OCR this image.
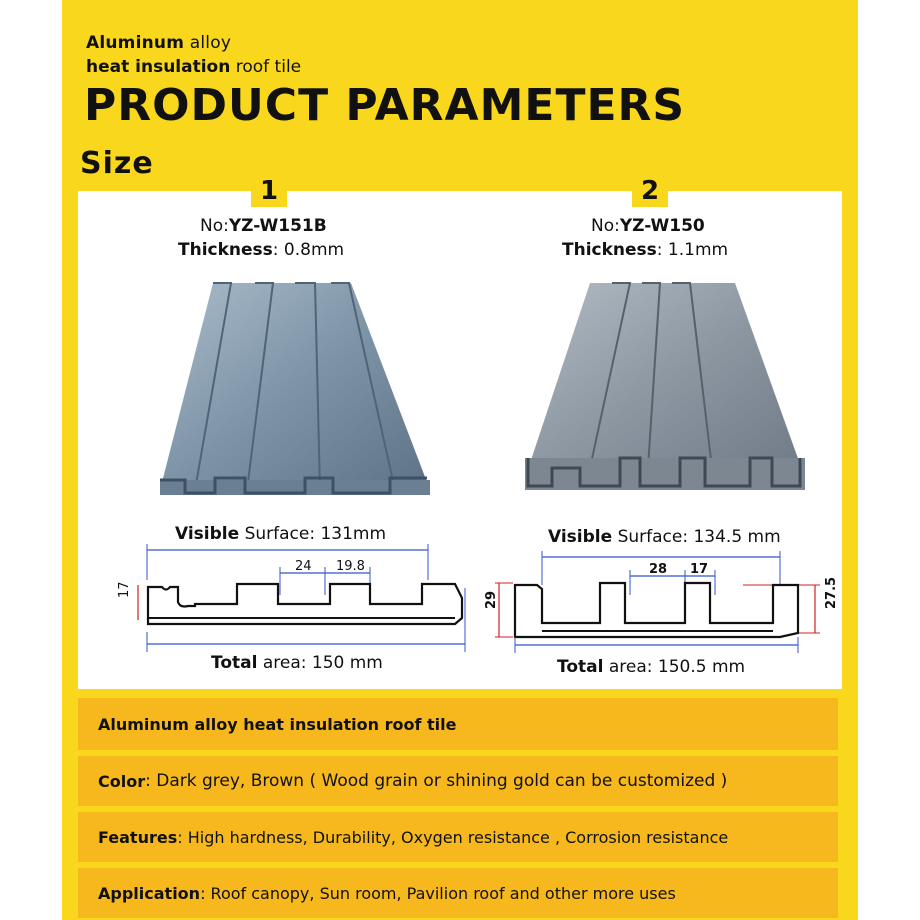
Aluminum alloy
heat insulation roof tile
PRODUCT PARAMETERS
Size
1	2
No:YZ-W151B
Thickness: 0.8mm
No:YZ-W150
Thickness: 1.1mm
Visible Surface: 131mm	Visible Surface: 134.5 mm
24 19.8
17
28 17
29	27.5
Total area: 150 mm	Total area: 150.5 mm
Aluminum alloy heat insulation roof tile
Color : Dark grey, Brown ( Wood grain or shining gold can be customized )
Features : High hardness, Durability, Oxygen resistance , Corrosion resistance
Application : Roof canopy, Sun room, Pavilion roof and other more uses
